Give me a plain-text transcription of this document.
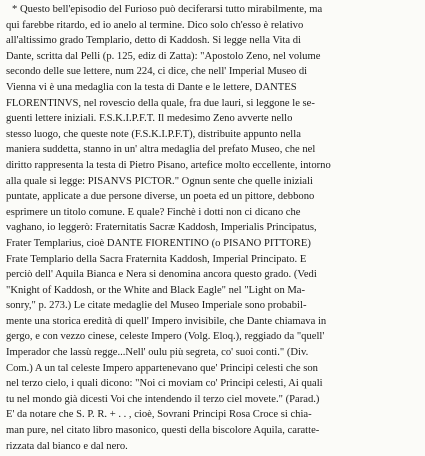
* Questo bell'episodio del Furioso può deciferarsi tutto mirabilmente, ma
qui farebbe ritardo, ed io anelo al termine. Dico solo ch'esso è relativo
all'altissimo grado Templario, detto di Kaddosh. Si legge nella Vita di
Dante, scritta dal Pelli (p. 125, ediz di Zatta): "Apostolo Zeno, nel volume
secondo delle sue lettere, num 224, ci dice, che nell' Imperial Museo di
Vienna vi è una medaglia con la testa di Dante e le lettere, DANTES
FLORENTINVS, nel rovescio della quale, fra due lauri, si leggone le se-
guenti lettere iniziali. F.S.K.I.P.F.T. Il medesimo Zeno avverte nello
stesso luogo, che queste note (F.S.K.I.P.F.T), distribuite appunto nella
maniera suddetta, stanno in un' altra medaglia del prefato Museo, che nel
diritto rappresenta la testa di Pietro Pisano, artefice molto eccellente, intorno
alla quale si legge: PISANVS PICTOR." Ognun sente che quelle iniziali
puntate, applicate a due persone diverse, un poeta ed un pittore, debbono
esprimere un titolo comune. E quale? Finchè i dotti non ci dicano che
vaghano, io leggerò: Fraternitatis Sacræ Kaddosh, Imperialis Principatus,
Frater Templarius, cioè DANTE FIORENTINO (o PISANO PITTORE)
Frate Templario della Sacra Fraternita Kaddosh, Imperial Principato. E
perciò dell' Aquila Bianca e Nera si denomina ancora questo grado. (Vedi
"Knight of Kaddosh, or the White and Black Eagle" nel "Light on Ma-
sonry," p. 273.) Le citate medaglie del Museo Imperiale sono probabil-
mente una storica eredità di quell' Impero invisibile, che Dante chiamava in
gergo, e con vezzo cinese, celeste Impero (Volg. Eloq.), reggiado da "quell'
Imperador che lassù regge...Nell' oulu più segreta, co' suoi conti." (Div.
Com.) A un tal celeste Impero appartenevano que' Principi celesti che son
nel terzo cielo, i quali dicono: "Noi ci moviam co' Principi celesti, Ai quali
tu nel mondo già dicesti Voi che intendendo il terzo ciel movete." (Parad.)
E' da notare che S. P. R. + . . , cioè, Sovrani Principi Rosa Croce si chia-
man pure, nel citato libro masonico, questi della biscolore Aquila, caratte-
rizzata dal bianco e dal nero.
